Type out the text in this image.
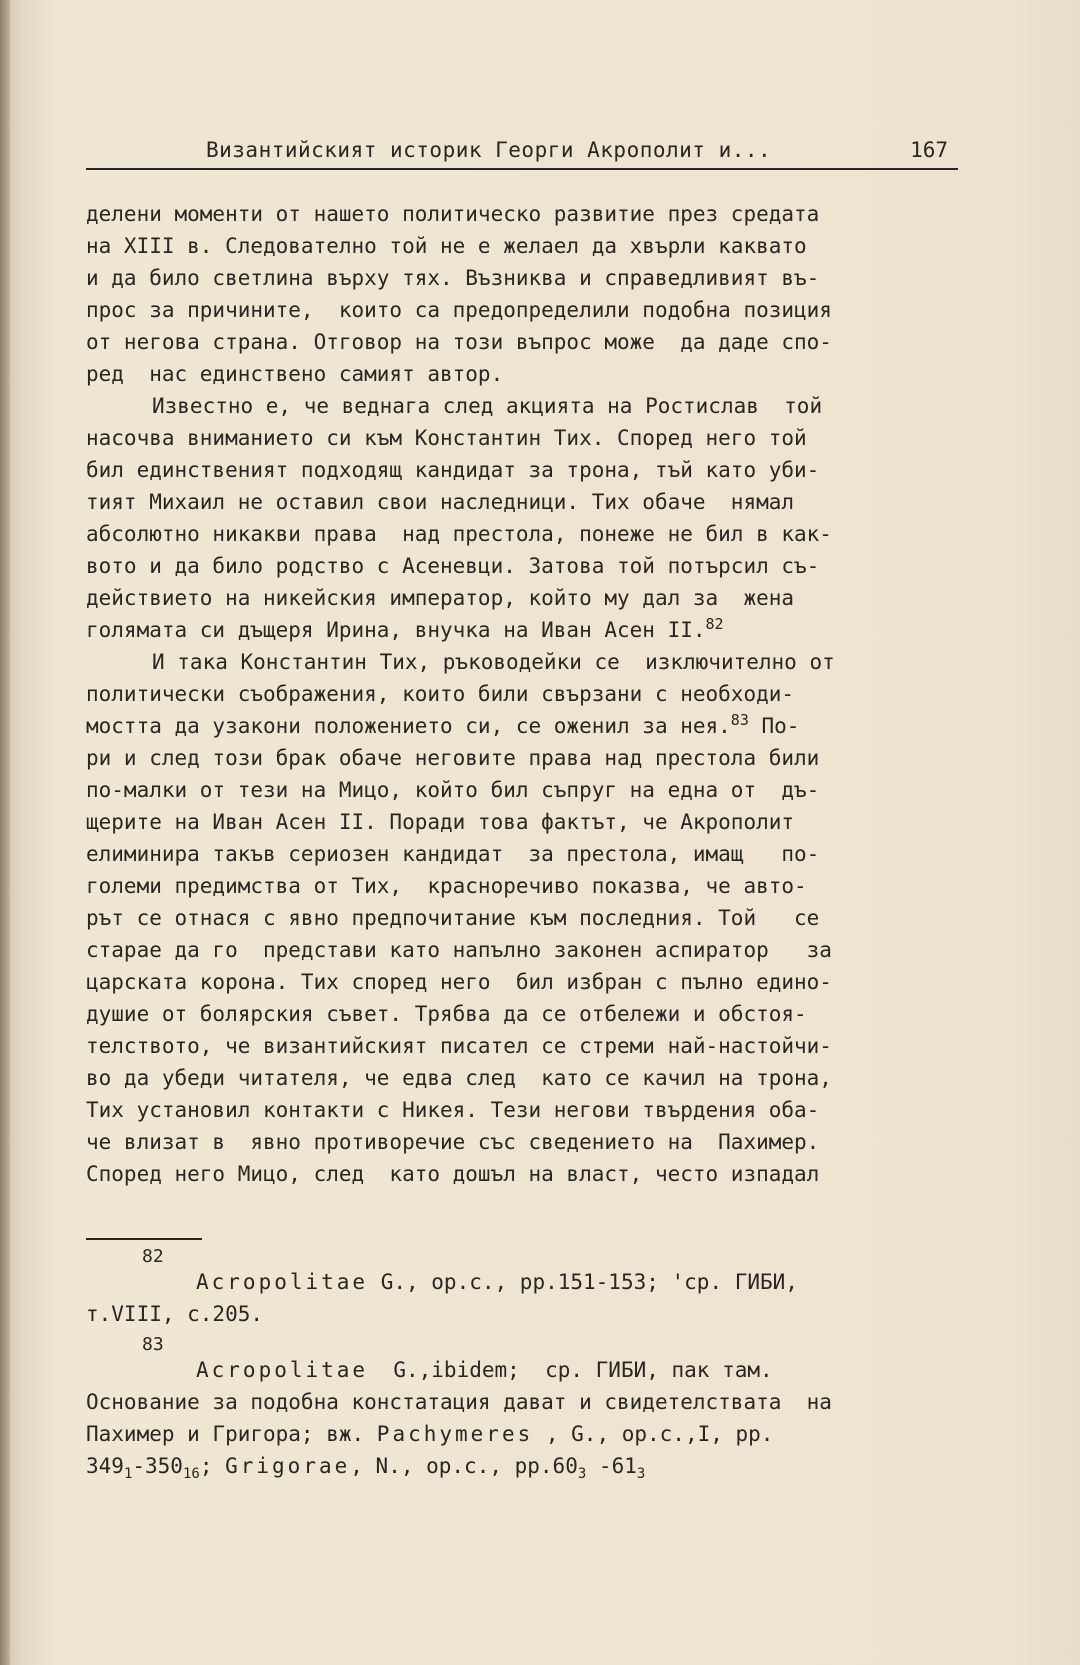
Византийският историк Георги Акрополит и...	167
делени моменти от нашето политическо развитие през средата
на XIII в. Следователно той не е желаел да хвърли каквато
и да било светлина върху тях. Възниква и справедливият въ-
прос за причините,  които са предопределили подобна позиция
от негова страна. Отговор на този въпрос може  да даде спо-
ред  нас единствено самият автор.
Известно е, че веднага след акцията на Ростислав  той
насочва вниманието си към Константин Тих. Според него той
бил единственият подходящ кандидат за трона, тъй като уби-
тият Михаил не оставил свои наследници. Тих обаче  нямал
абсолютно никакви права  над престола, понеже не бил в как-
вото и да било родство с Асеневци. Затова той потърсил съ-
действието на никейския император, който му дал за  жена
голямата си дъщеря Ирина, внучка на Иван Асен II.$^{82}$
И така Константин Тих, ръководейки се  изключително от
политически съображения, които били свързани с необходи-
мостта да узакони положението си, се оженил за нея.$^{83}$ По-
ри и след този брак обаче неговите права над престола били
по-малки от тези на Мицо, който бил съпруг на една от  дъ-
щерите на Иван Асен II. Поради това фактът, че Акрополит
елиминира такъв сериозен кандидат  за престола, имащ   по-
големи предимства от Тих,  красноречиво показва, че авто-
рът се отнася с явно предпочитание към последния. Той   се
старае да го  представи като напълно законен аспиратор   за
царската корона. Тих според него  бил избран с пълно едино-
душие от болярския съвет. Трябва да се отбележи и обстоя-
телството, че византийският писател се стреми най-настойчи-
во да убеди читателя, че едва след  като се качил на трона,
Тих установил контакти с Никея. Тези негови твърдения оба-
че влизат в  явно противоречие със сведението на  Пахимер.
Според него Мицо, след  като дошъл на власт, често изпадал
82
Acropolitae G., op.c., pp.151-153; 'ср. ГИБИ,
т.VIII, с.205.
83
Acropolitae  G.,ibidem;  ср. ГИБИ, пак там.
Основание за подобна констатация дават и свидетелствата  на
Пахимер и Григора; вж. Pachymeres , G., op.c.,I, pp.
$349_1-350_{16}$; Grigorae, N., op.c., $pp.60_3$ $-61_3$
